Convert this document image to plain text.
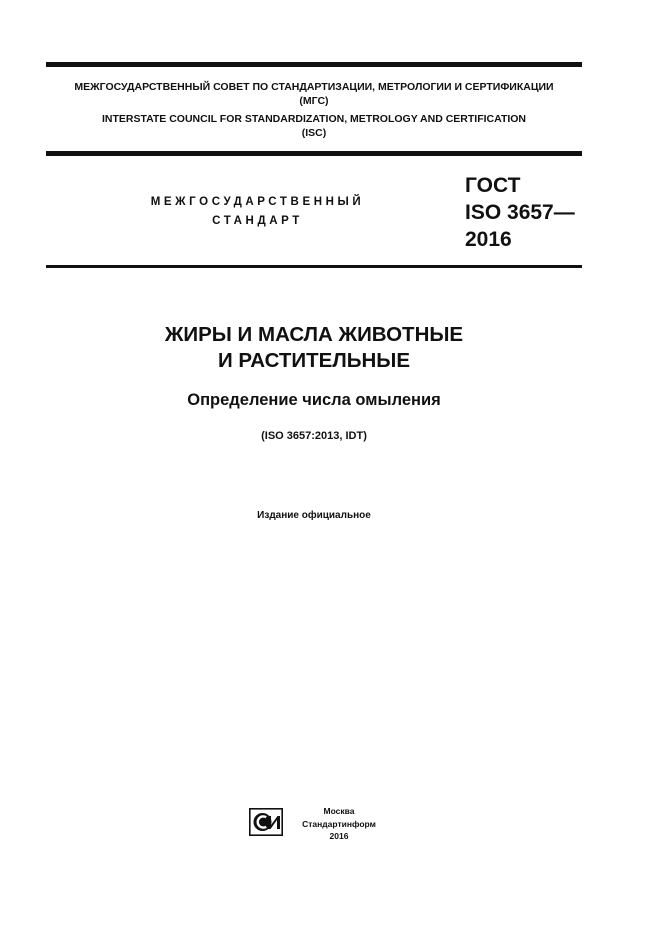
МЕЖГОСУДАРСТВЕННЫЙ СОВЕТ ПО СТАНДАРТИЗАЦИИ, МЕТРОЛОГИИ И СЕРТИФИКАЦИИ
(МГС)
INTERSTATE COUNCIL FOR STANDARDIZATION, METROLOGY AND CERTIFICATION
(ISC)
МЕЖГОСУДАРСТВЕННЫЙ
СТАНДАРТ
ГОСТ
ISO 3657—
2016
ЖИРЫ И МАСЛА ЖИВОТНЫЕ
И РАСТИТЕЛЬНЫЕ
Определение числа омыления
(ISO 3657:2013, IDT)
Издание официальное
Москва
Стандартинформ
2016
